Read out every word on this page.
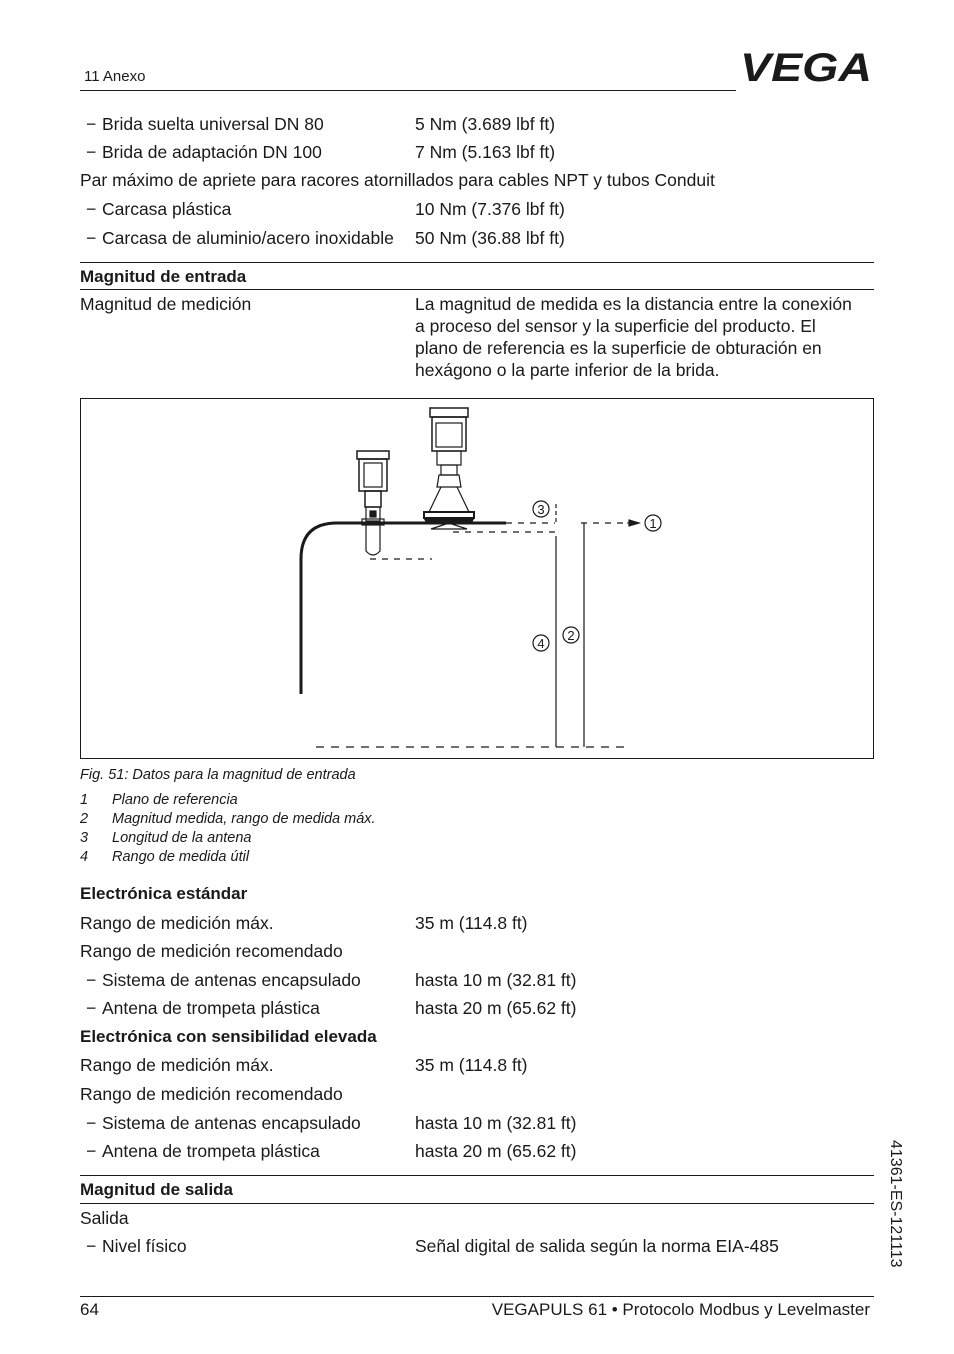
11 Anexo	VEGA
− Brida suelta universal DN 80	5 Nm (3.689 lbf ft)
− Brida de adaptación DN 100	7 Nm (5.163 lbf ft)
Par máximo de apriete para racores atornillados para cables NPT y tubos Conduit
− Carcasa plástica	10 Nm (7.376 lbf ft)
− Carcasa de aluminio/acero inoxidable 50 Nm (36.88 lbf ft)
Magnitud de entrada
Magnitud de medición	La magnitud de medida es la distancia entre la conexión
a proceso del sensor y la superficie del producto. El
plano de referencia es la superficie de obturación en
hexágono o la parte inferior de la brida.
3
1
2
4
Fig. 51: Datos para la magnitud de entrada
1 Plano de referencia
2 Magnitud medida, rango de medida máx.
3 Longitud de la antena
4 Rango de medida útil
Electrónica estándar
Rango de medición máx.	35 m (114.8 ft)
Rango de medición recomendado
− Sistema de antenas encapsulado	hasta 10 m (32.81 ft)
− Antena de trompeta plástica	hasta 20 m (65.62 ft)
Electrónica con sensibilidad elevada
Rango de medición máx.	35 m (114.8 ft)
Rango de medición recomendado
− Sistema de antenas encapsulado	hasta 10 m (32.81 ft)
− Antena de trompeta plástica	hasta 20 m (65.62 ft)
Magnitud de salida
Salida
− Nivel físico	Señal digital de salida según la norma EIA-485	41361-ES-121113
64	VEGAPULS 61 • Protocolo Modbus y Levelmaster
